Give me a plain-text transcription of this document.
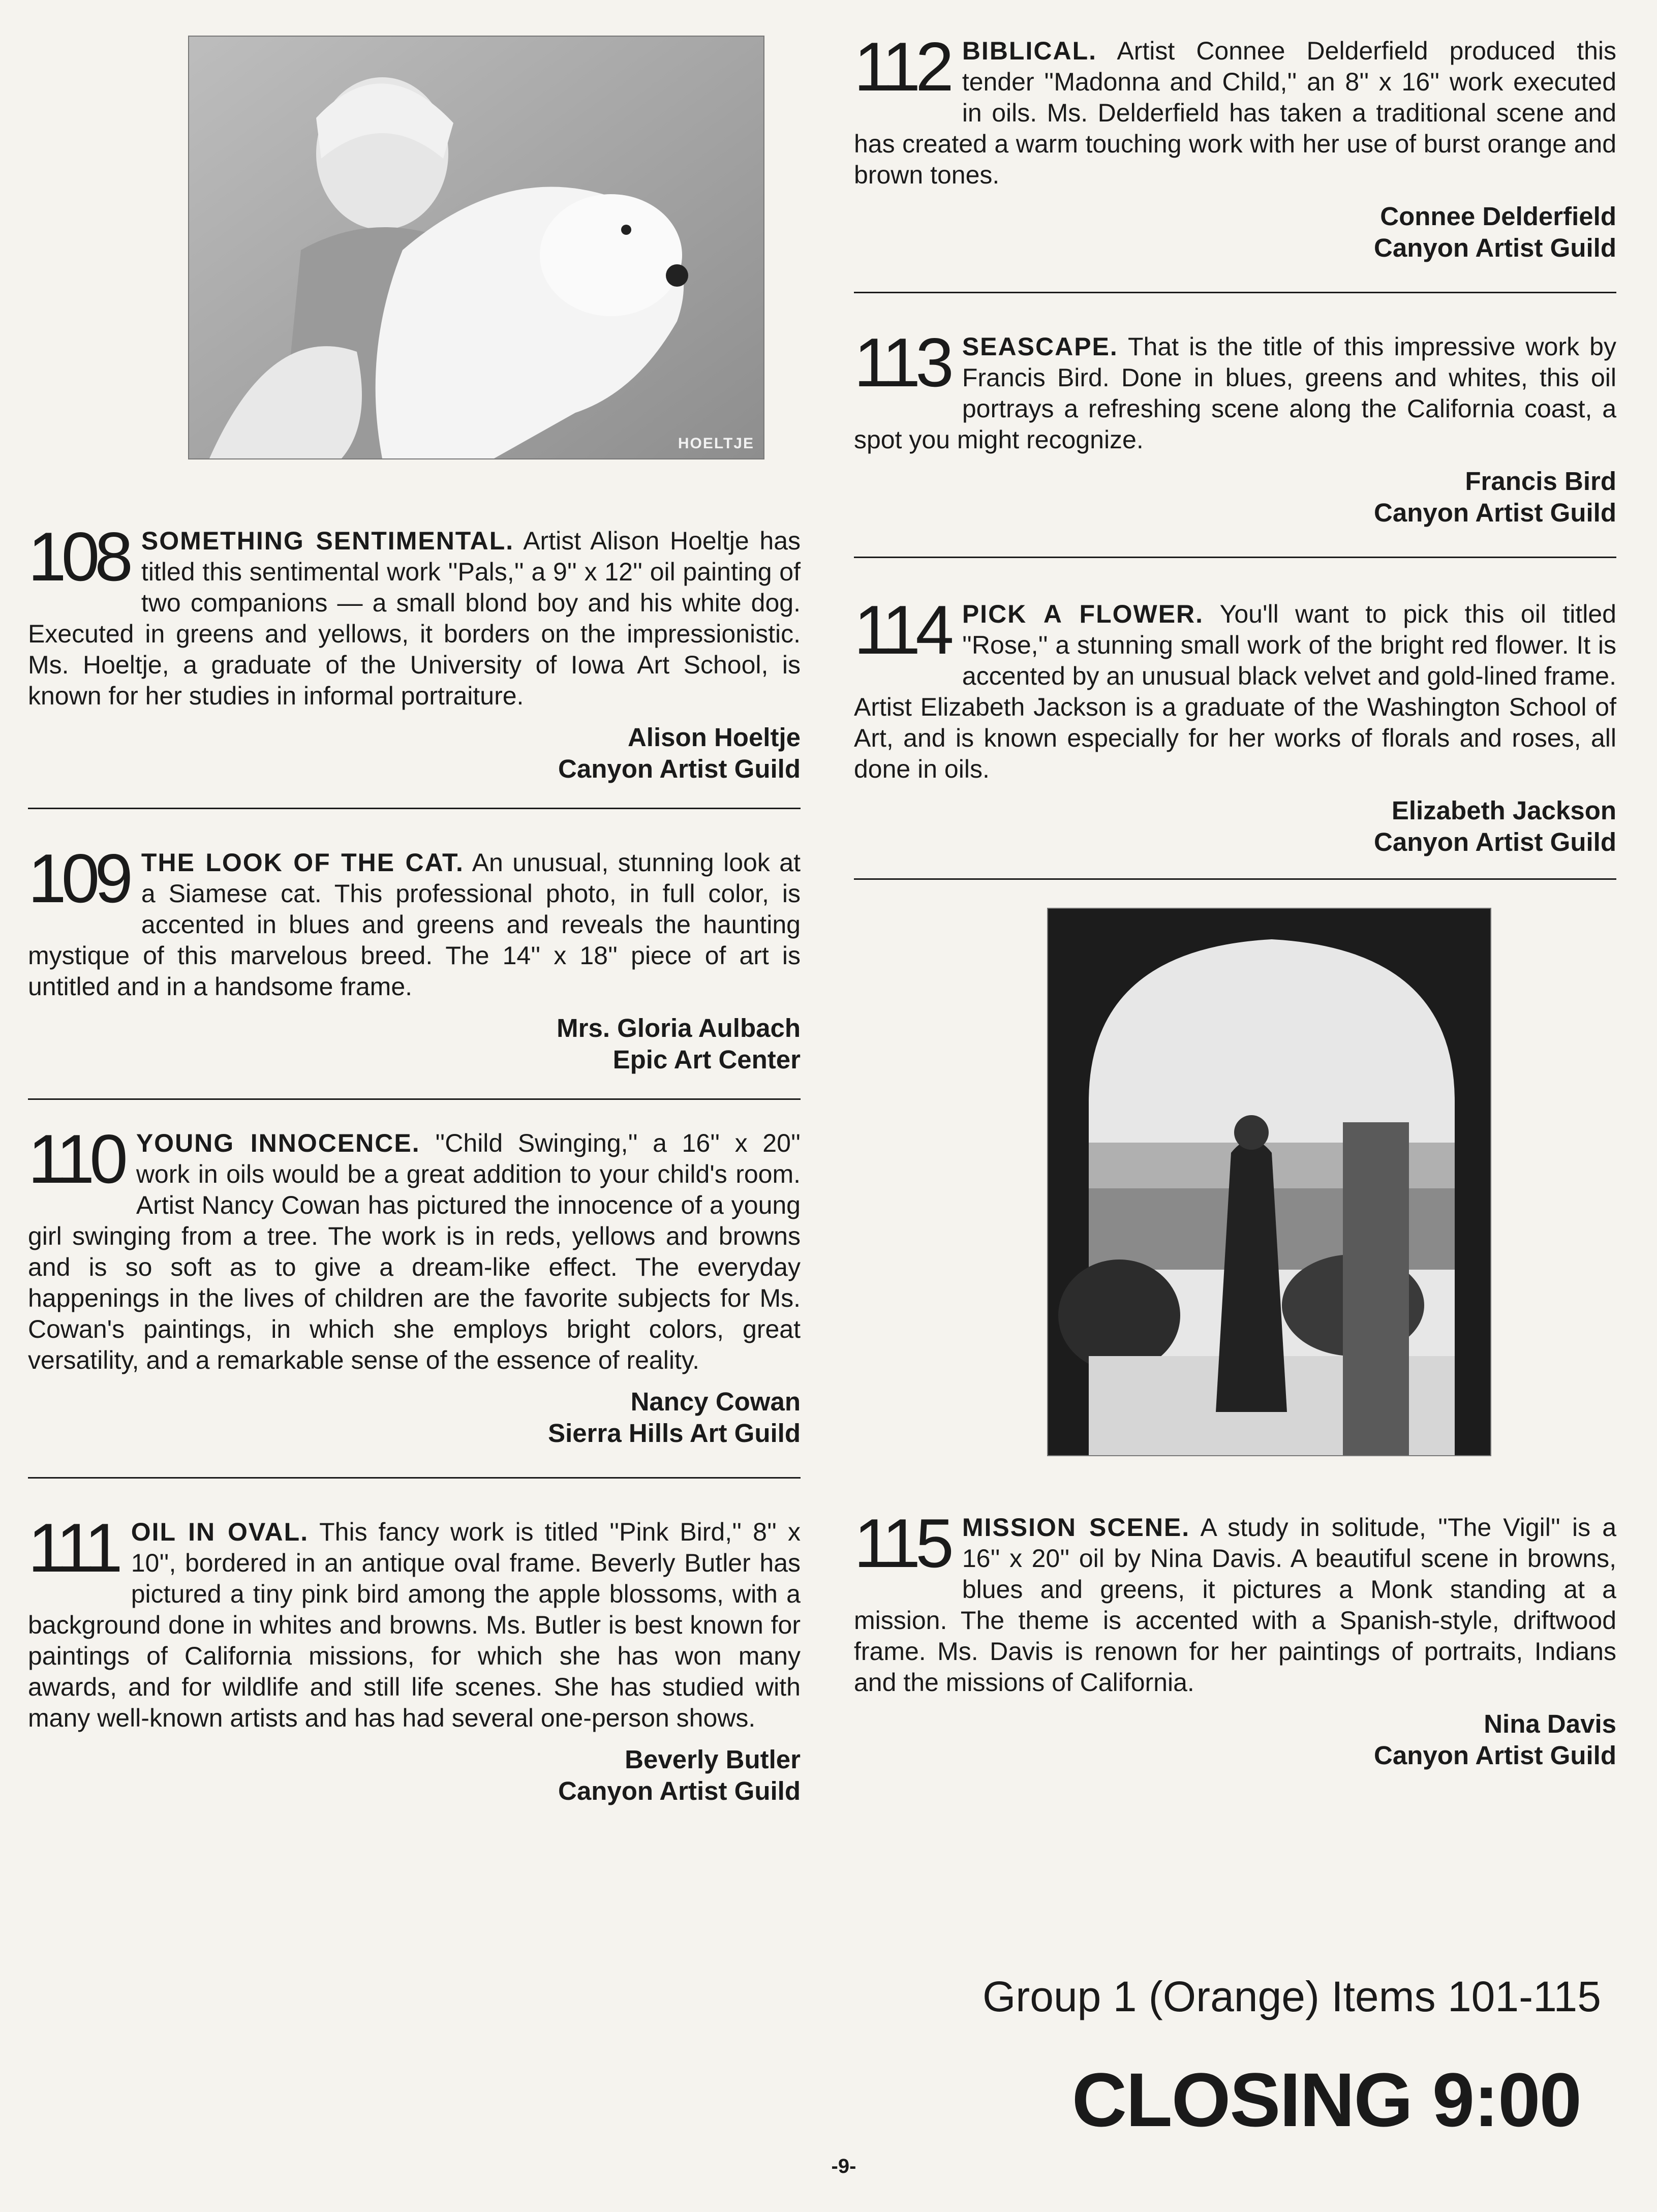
HOELTJE
108 SOMETHING SENTIMENTAL. Artist Alison Hoeltje has titled this sentimental work ''Pals,'' a 9'' x 12'' oil painting of two companions — a small blond boy and his white dog. Executed in greens and yellows, it borders on the impressionistic. Ms. Hoeltje, a graduate of the University of Iowa Art School, is known for her studies in informal portraiture.
Alison Hoeltje
Canyon Artist Guild
109 THE LOOK OF THE CAT. An unusual, stunning look at a Siamese cat. This professional photo, in full color, is accented in blues and greens and reveals the haunting mystique of this marvelous breed. The 14'' x 18'' piece of art is untitled and in a handsome frame.
Mrs. Gloria Aulbach
Epic Art Center
110 YOUNG INNOCENCE. ''Child Swinging,'' a 16'' x 20'' work in oils would be a great addition to your child's room. Artist Nancy Cowan has pictured the innocence of a young girl swinging from a tree. The work is in reds, yellows and browns and is so soft as to give a dream-like effect. The everyday happenings in the lives of children are the favorite subjects for Ms. Cowan's paintings, in which she employs bright colors, great versatility, and a remarkable sense of the essence of reality.
Nancy Cowan
Sierra Hills Art Guild
111 OIL IN OVAL. This fancy work is titled ''Pink Bird,'' 8'' x 10'', bordered in an antique oval frame. Beverly Butler has pictured a tiny pink bird among the apple blossoms, with a background done in whites and browns. Ms. Butler is best known for paintings of California missions, for which she has won many awards, and for wildlife and still life scenes. She has studied with many well-known artists and has had several one-person shows.
Beverly Butler
Canyon Artist Guild
112 BIBLICAL. Artist Connee Delderfield produced this tender ''Madonna and Child,'' an 8'' x 16'' work executed in oils. Ms. Delderfield has taken a traditional scene and has created a warm touching work with her use of burst orange and brown tones.
Connee Delderfield
Canyon Artist Guild
113 SEASCAPE. That is the title of this impressive work by Francis Bird. Done in blues, greens and whites, this oil portrays a refreshing scene along the California coast, a spot you might recognize.
Francis Bird
Canyon Artist Guild
114 PICK A FLOWER. You'll want to pick this oil titled ''Rose,'' a stunning small work of the bright red flower. It is accented by an unusual black velvet and gold-lined frame. Artist Elizabeth Jackson is a graduate of the Washington School of Art, and is known especially for her works of florals and roses, all done in oils.
Elizabeth Jackson
Canyon Artist Guild
115 MISSION SCENE. A study in solitude, ''The Vigil'' is a 16'' x 20'' oil by Nina Davis. A beautiful scene in browns, blues and greens, it pictures a Monk standing at a mission. The theme is accented with a Spanish-style, driftwood frame. Ms. Davis is renown for her paintings of portraits, Indians and the missions of California.
Nina Davis
Canyon Artist Guild
Group 1 (Orange) Items 101-115
CLOSING 9:00
-9-
